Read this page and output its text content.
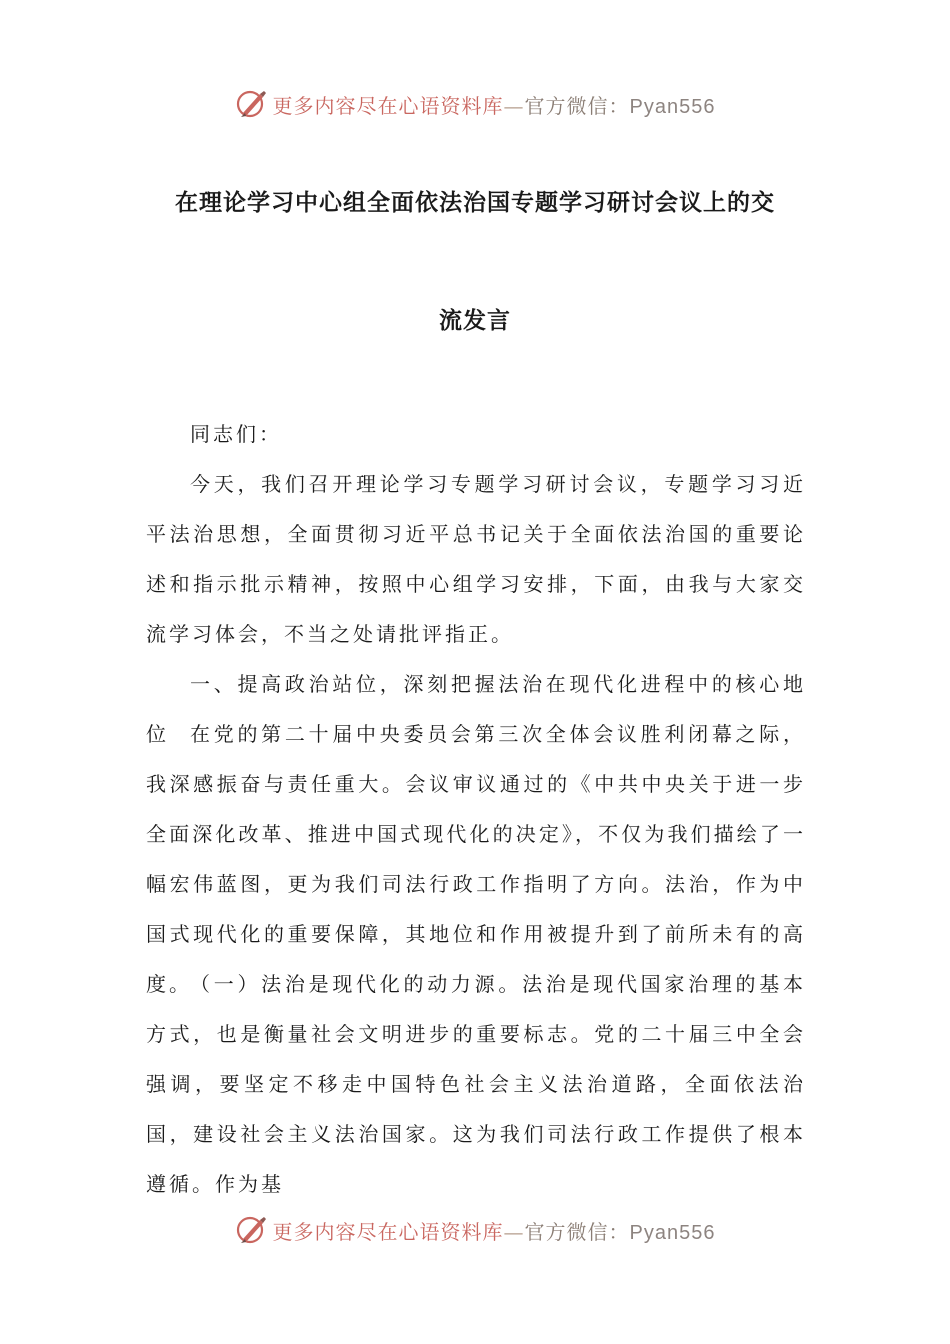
更多内容尽在心语资料库—官方微信：Pyan556
在理论学习中心组全面依法治国专题学习研讨会议上的交
流发言
同志们：
今天，我们召开理论学习专题学习研讨会议，专题学习习近平法治思想，全面贯彻习近平总书记关于全面依法治国的重要论述和指示批示精神，按照中心组学习安排，下面，由我与大家交流学习体会，不当之处请批评指正。
一、提高政治站位，深刻把握法治在现代化进程中的核心地位	在党的第二十届中央委员会第三次全体会议胜利闭幕之际，我深感振奋与责任重大。会议审议通过的《中共中央关于进一步全面深化改革、推进中国式现代化的决定》，不仅为我们描绘了一幅宏伟蓝图，更为我们司法行政工作指明了方向。法治，作为中国式现代化的重要保障，其地位和作用被提升到了前所未有的高度。
（一）法治是现代化的动力源。法治是现代国家治理的基本方式，也是衡量社会文明进步的重要标志。党的二十届三中全会强调，要坚定不移走中国特色社会主义法治道路，全面依法治国，建设社会主义法治国家。这为我们司法行政工作提供了根本遵循。作为基
更多内容尽在心语资料库—官方微信：Pyan556
